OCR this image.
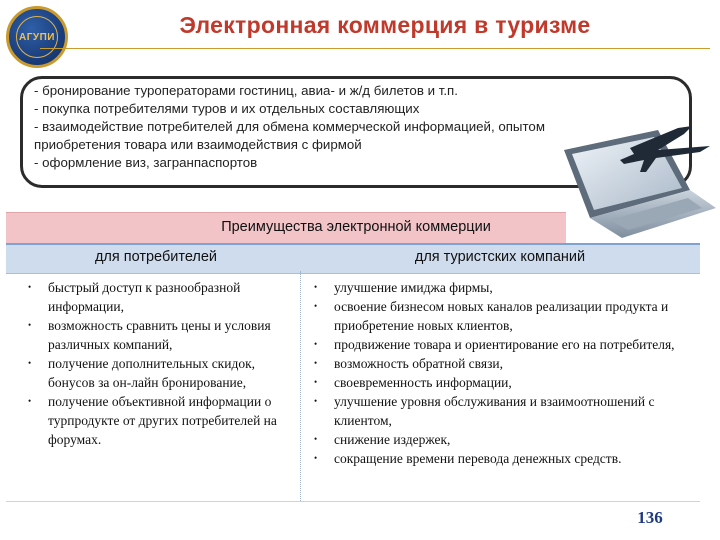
АГУПИ	Электронная коммерция в туризме
- бронирование туроператорами гостиниц, авиа- и ж/д билетов и т.п.
- покупка потребителями туров и их отдельных составляющих
- взаимодействие потребителей для обмена коммерческой информацией, опытом
приобретения товара или взаимодействия с фирмой
- оформление виз, загранпаспортов
Преимущества электронной коммерции
для потребителей	для туристских компаний
• быстрый доступ к разнообразной информации,
• возможность сравнить цены и условия различных компаний,
• получение дополнительных скидок, бонусов за он-лайн бронирование,
• получение объективной информации о турпродукте от других потребителей на форумах.
• улучшение имиджа фирмы,
• освоение бизнесом новых каналов реализации продукта и приобретение новых клиентов,
• продвижение товара и ориентирование его на потребителя,
• возможность обратной связи,
• своевременность информации,
• улучшение уровня обслуживания и взаимоотношений с клиентом,
• снижение издержек,
• сокращение времени перевода денежных средств.
136
